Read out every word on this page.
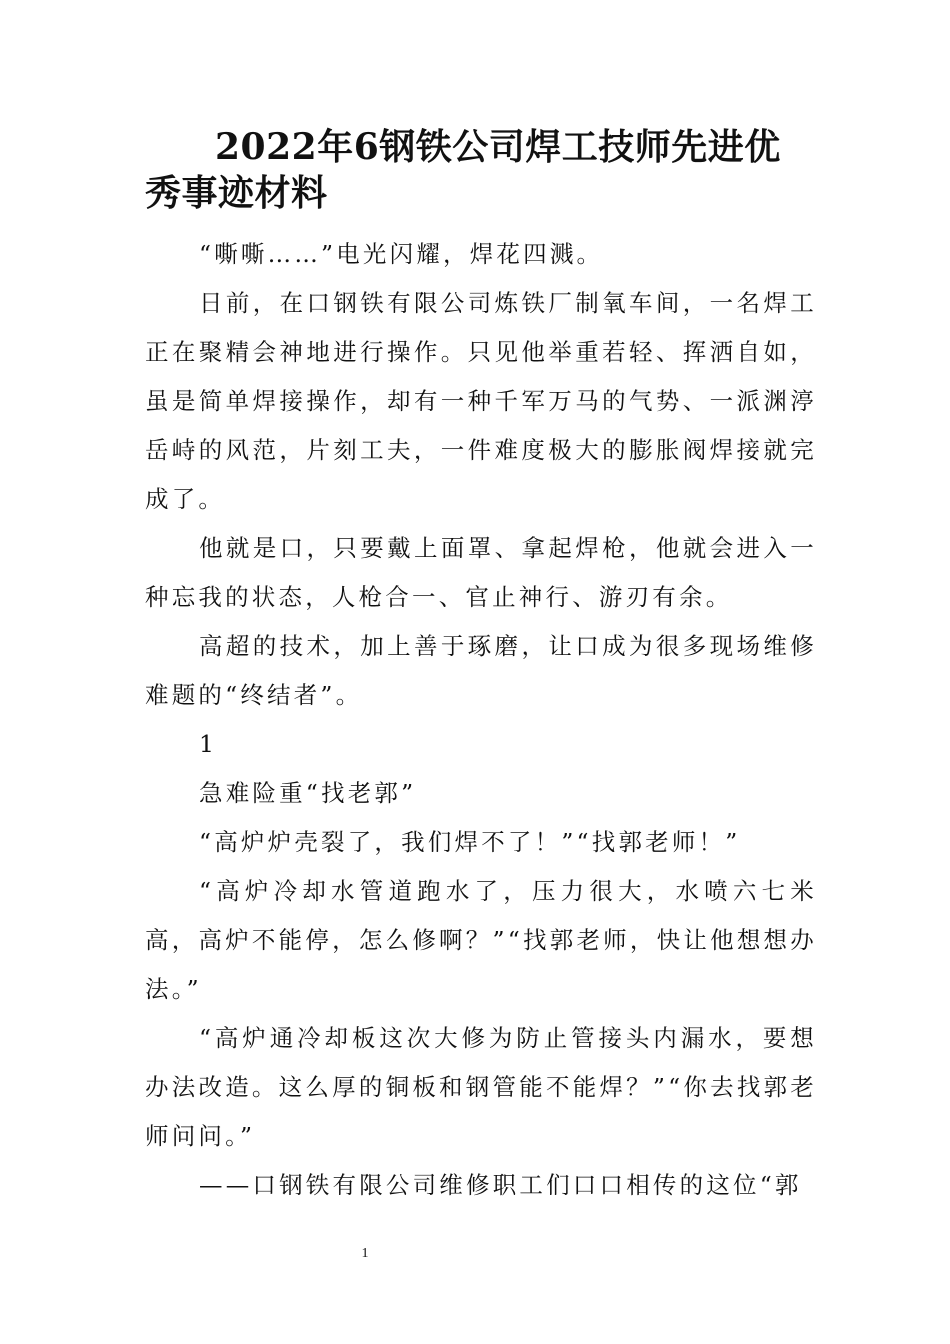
2022年6钢铁公司焊工技师先进优秀事迹材料

“嘶嘶……”电光闪耀，焊花四溅。

日前，在口钢铁有限公司炼铁厂制氧车间，一名焊工正在聚精会神地进行操作。只见他举重若轻、挥洒自如，虽是简单焊接操作，却有一种千军万马的气势、一派渊渟岳峙的风范，片刻工夫，一件难度极大的膨胀阀焊接就完成了。

他就是口，只要戴上面罩、拿起焊枪，他就会进入一种忘我的状态，人枪合一、官止神行、游刃有余。

高超的技术，加上善于琢磨，让口成为很多现场维修难题的“终结者”。

1

急难险重“找老郭”

“高炉炉壳裂了，我们焊不了！”“找郭老师！”

“高炉冷却水管道跑水了，压力很大，水喷六七米高，高炉不能停，怎么修啊？”“找郭老师，快让他想想办法。”

“高炉通冷却板这次大修为防止管接头内漏水，要想办法改造。这么厚的铜板和钢管能不能焊？”“你去找郭老师问问。”

——口钢铁有限公司维修职工们口口相传的这位“郭

1
